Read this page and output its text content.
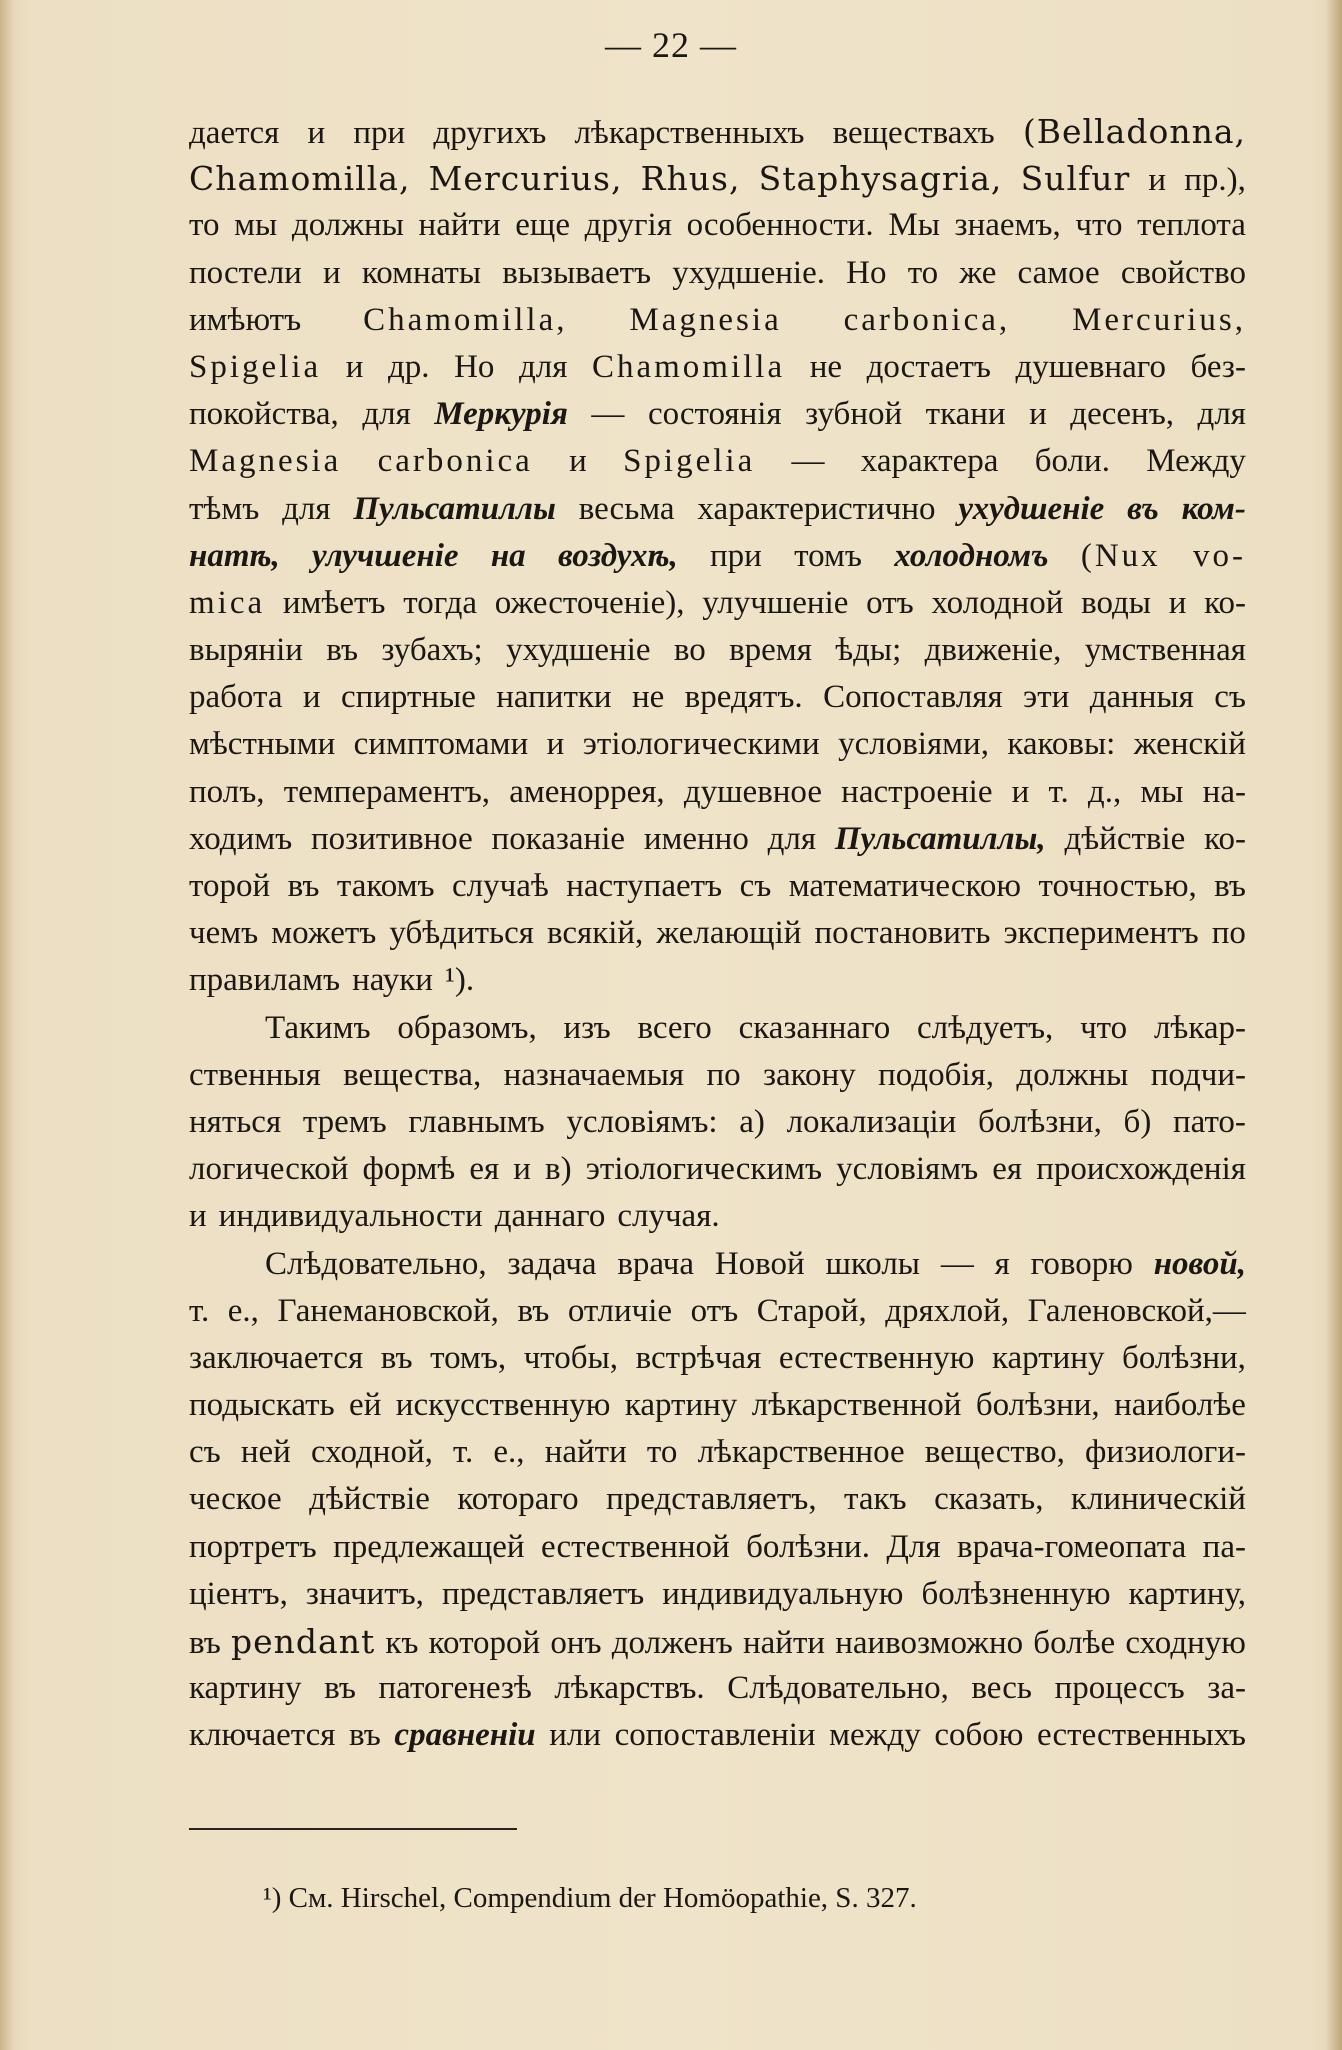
— 22 —
даетcя и при другихъ лѣкарственныхъ веществахъ (Belladonna,
Chamomilla, Mercurius, Rhus, Staphysagria, Sulfur и пр.),
то мы должны найти еще другія особенности. Мы знаемъ, что теплота
постели и комнаты вызываетъ ухудшеніе. Но то же самое свойство
имѣютъ Chamomilla, Magnesia carbonica, Mercurius,
Spigelia и др. Но для Chamomilla не достаетъ душевнаго без-
покойства, для Меркурія — состоянія зубной ткани и деcенъ, для
Magnesia carbonica и Spigelia — характера боли. Между
тѣмъ для Пульсатиллы весьма характеристично ухудшеніе въ ком-
натѣ, улучшеніе на воздухѣ, при томъ холодномъ (Nux vo-
mica имѣетъ тогда ожесточеніе), улучшеніе отъ холодной воды и ко-
выряніи въ зубахъ; ухудшеніе во время ѣды; движеніе, умственная
работа и спиртные напитки не вредятъ. Сопоставляя эти данныя съ
мѣстными симптомами и этіологическими условіями, каковы: женскій
полъ, темпераментъ, аменоррея, душевное настроеніе и т. д., мы на-
ходимъ позитивное показаніе именно для Пульсатиллы, дѣйствіе ко-
торой въ такомъ случаѣ наступаетъ съ математическою точностью, въ
чемъ можетъ убѣдиться всякій, желающій постановить экспериментъ по
правиламъ науки ¹).
Такимъ образомъ, изъ всего сказаннаго слѣдуетъ, что лѣкар-
ственныя вещества, назначаемыя по закону подобія, должны подчи-
няться тремъ главнымъ условіямъ: а) локализаціи болѣзни, б) пато-
логической формѣ ея и в) этіологическимъ условіямъ ея происхожденія
и индивидуальности даннаго случая.
Слѣдовательно, задача врача Новой школы — я говорю новой,
т. е., Ганемановской, въ отличіе отъ Старой, дряхлой, Галеновской,—
заключается въ томъ, чтобы, встрѣчая естественную картину болѣзни,
подыскать ей искусственную картину лѣкарственной болѣзни, наиболѣе
съ ней сходной, т. е., найти то лѣкарственное вещество, физиологи-
ческое дѣйствіе котораго представляетъ, такъ сказать, клиническій
портретъ предлежащей естественной болѣзни. Для врача-гомеопата па-
ціентъ, значитъ, представляетъ индивидуальную болѣзненную картину,
въ pendant къ которой онъ долженъ найти наивозможно болѣе сходную
картину въ патогенезѣ лѣкарствъ. Слѣдовательно, весь процессъ за-
ключается въ сравненіи или сопоставленіи между собою естественныхъ
¹) См. Hirschel, Compendium der Homöopathie, S. 327.
